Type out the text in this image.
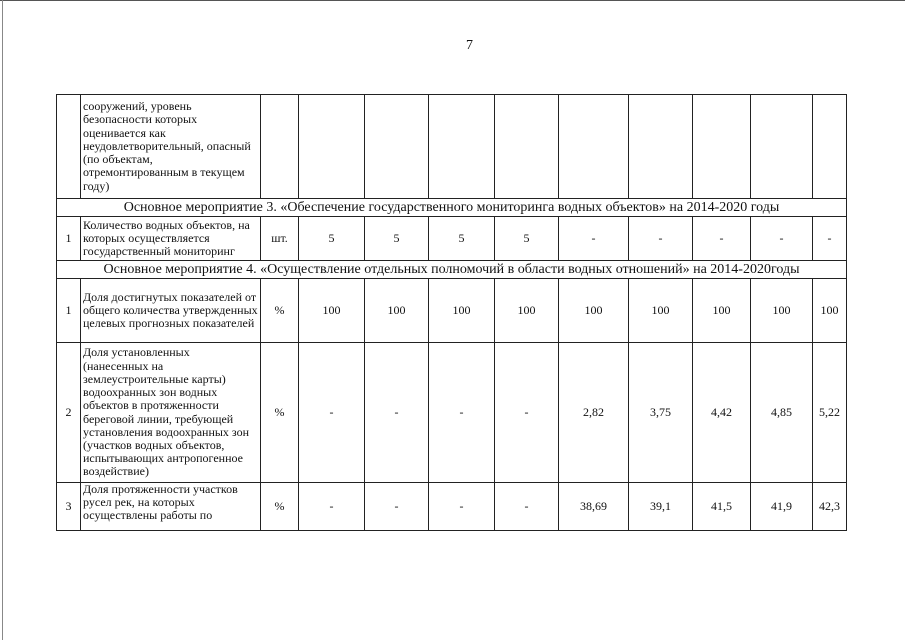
7
	сооружений, уровень безопасности которых оценивается как неудовлетворительный, опасный (по объектам, отремонтированным в текущем году)										
Основное мероприятие 3. «Обеспечение государственного мониторинга водных объектов» на 2014-2020 годы											
1	Количество водных объектов, на которых осуществляется государственный мониторинг	шт.	5	5	5	5	-	-	-	-	-
Основное мероприятие 4. «Осуществление отдельных полномочий в области водных отношений» на 2014-2020годы											
1	Доля достигнутых показателей от общего количества утвержденных целевых прогнозных показателей	%	100	100	100	100	100	100	100	100	100
2	Доля установленных (нанесенных на землеустроительные карты) водоохранных зон водных объектов в протяженности береговой линии, требующей установления водоохранных зон (участков водных объектов, испытывающих антропогенное воздействие)	%	-	-	-	-	2,82	3,75	4,42	4,85	5,22
3	Доля протяженности участков русел рек, на которых осуществлены работы по	%	-	-	-	-	38,69	39,1	41,5	41,9	42,3
